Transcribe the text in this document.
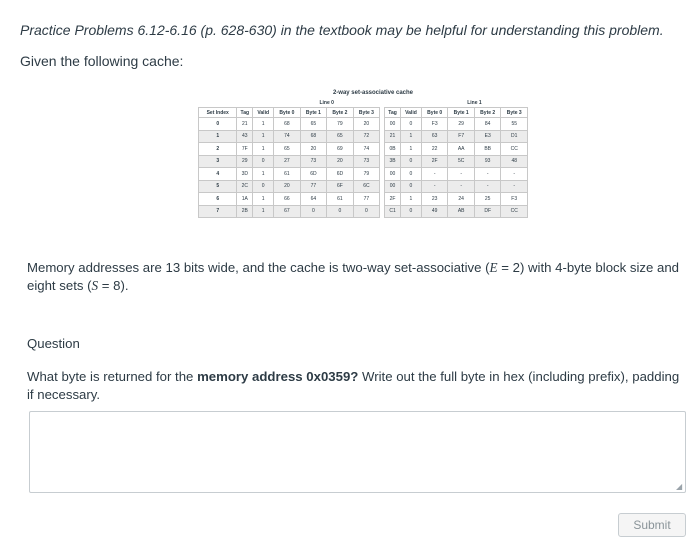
Practice Problems 6.12-6.16 (p. 628-630) in the textbook may be helpful for understanding this problem.
Given the following cache:
2-way set-associative cache
			Line 0							Line 1			
Set Index	Tag	Valid	Byte 0	Byte 1	Byte 2	Byte 3		Tag	Valid	Byte 0	Byte 1	Byte 2	Byte 3
0	21	1	68	65	79	20		00	0	F3	29	84	55
1	43	1	74	68	65	72		21	1	63	F7	E3	D1
2	7F	1	65	20	69	74		0B	1	22	AA	BB	CC
3	29	0	27	73	20	73		3B	0	2F	5C	93	48
4	3D	1	61	6D	6D	79		00	0	-	-	-	-
5	2C	0	20	77	6F	6C		00	0	-	-	-	-
6	1A	1	66	64	61	77		2F	1	23	24	25	F3
7	2B	1	67	0	0	0		C1	0	49	AB	DF	CC
Memory addresses are 13 bits wide, and the cache is two-way set-associative (E = 2) with 4-byte block size and eight sets (S = 8).
Question
What byte is returned for the memory address 0x0359? Write out the full byte in hex (including prefix), padding if necessary.
◢
Submit
